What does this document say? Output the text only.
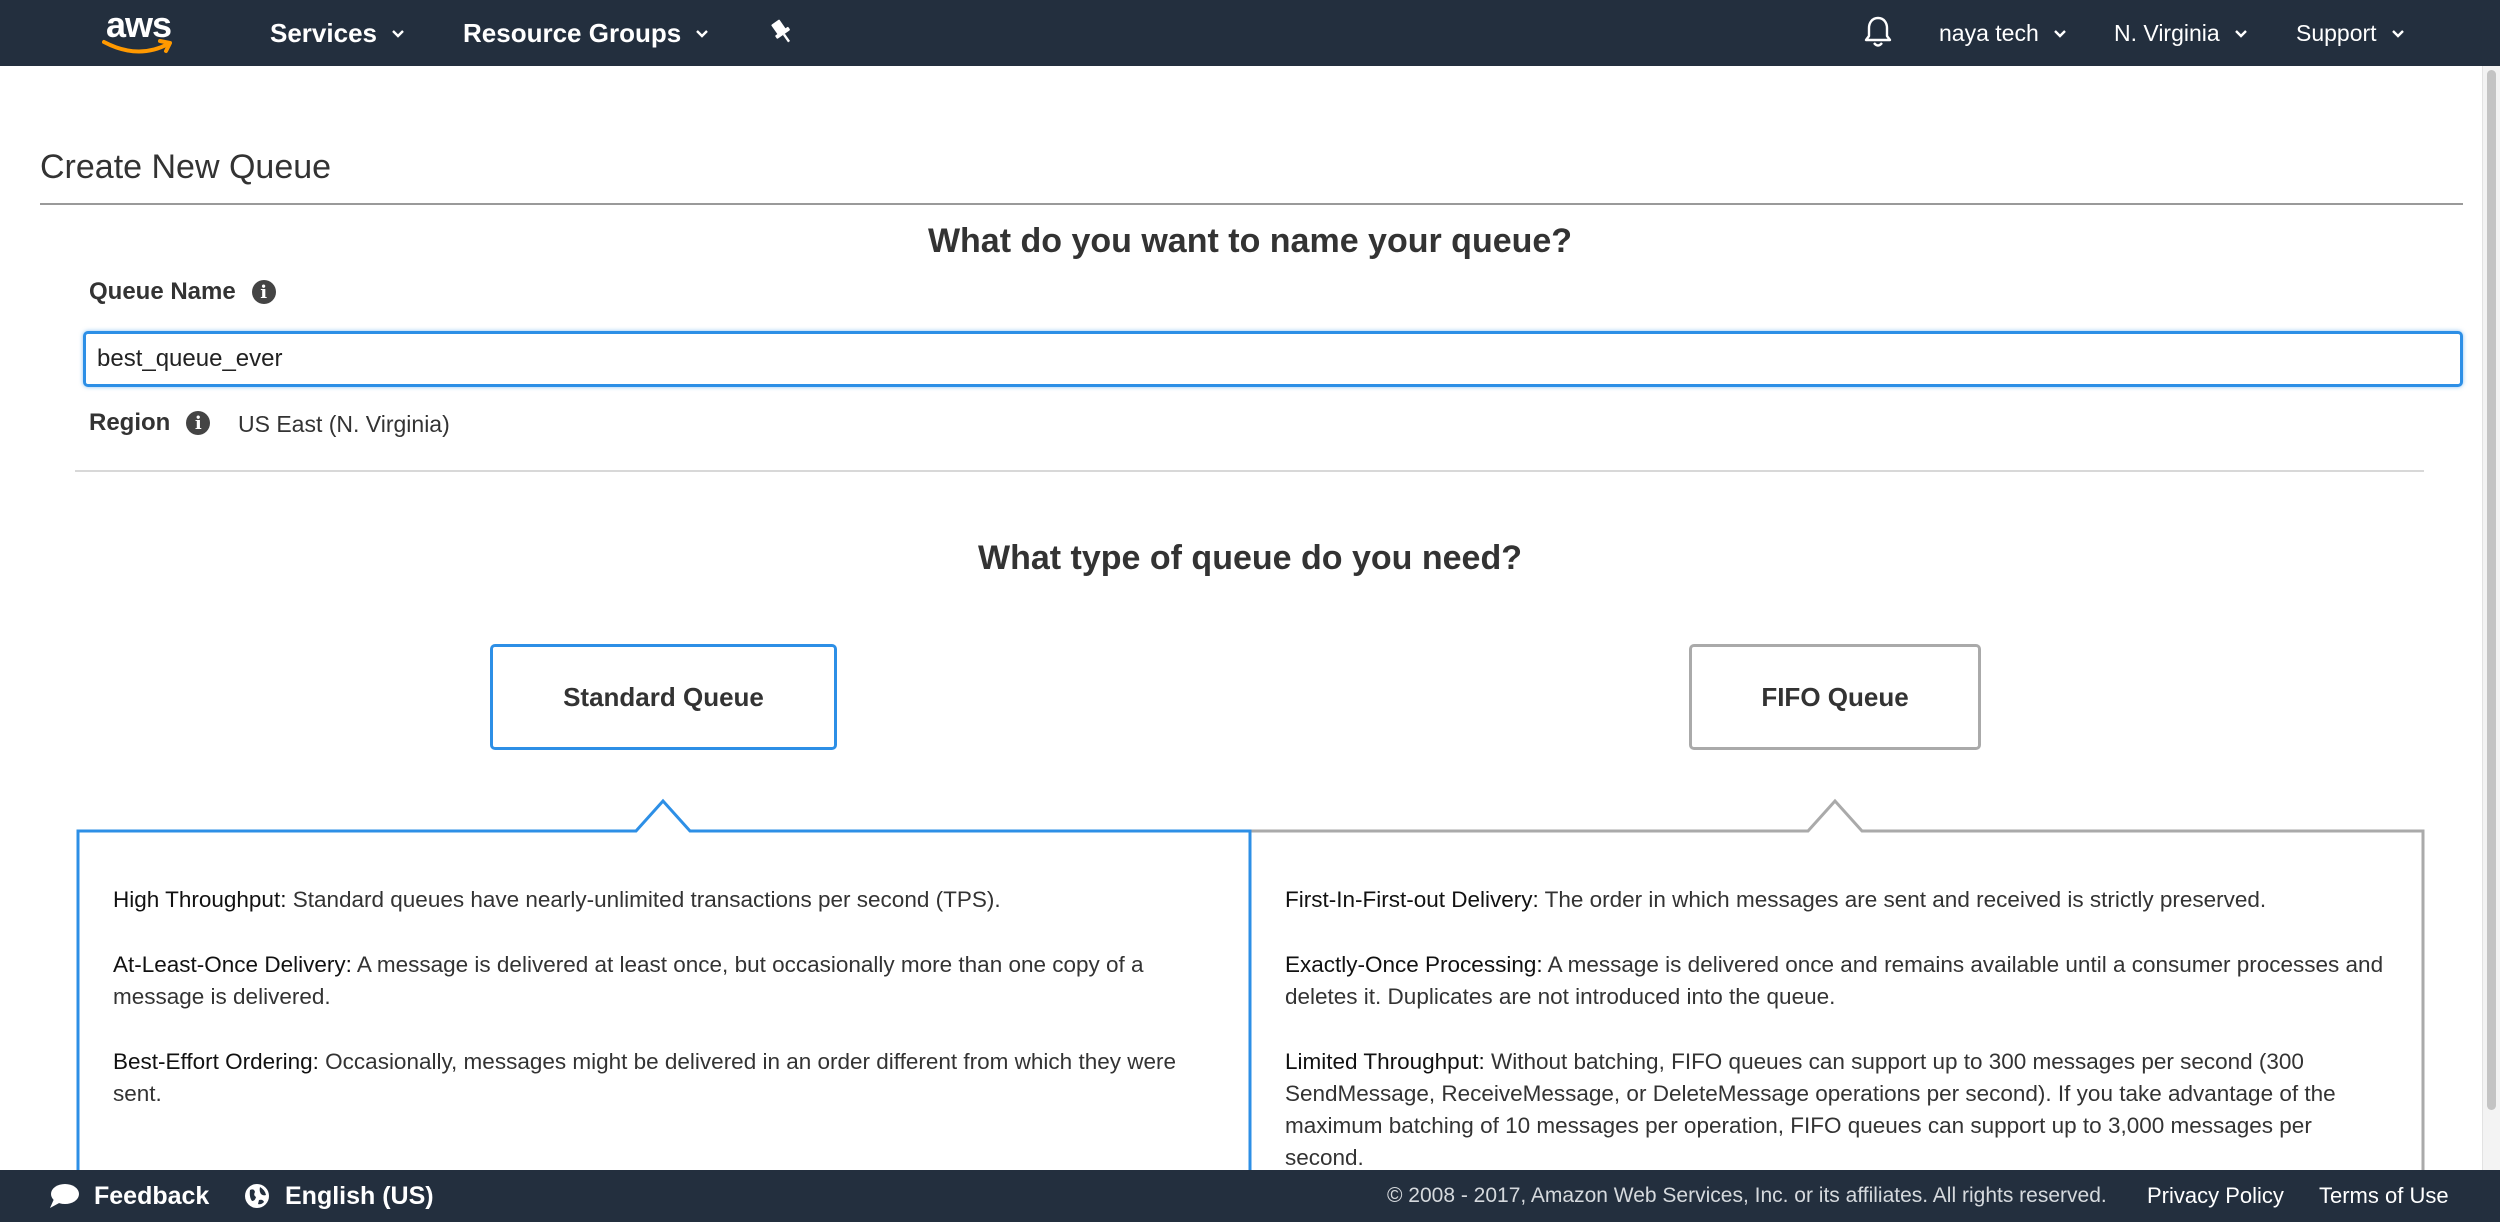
aws	Services	Resource Groups	naya tech	N. Virginia	Support
Create New Queue
What do you want to name your queue?
Queue Name	i
best_queue_ever
Region	i	US East (N. Virginia)
What type of queue do you need?
Standard Queue	FIFO Queue

High Throughput: Standard queues have nearly-unlimited transactions per second (TPS).

At-Least-Once Delivery: A message is delivered at least once, but occasionally more than one copy of a message is delivered.

Best-Effort Ordering: Occasionally, messages might be delivered in an order different from which they were sent.

First-In-First-out Delivery: The order in which messages are sent and received is strictly preserved.

Exactly-Once Processing: A message is delivered once and remains available until a consumer processes and deletes it. Duplicates are not introduced into the queue.

Limited Throughput: Without batching, FIFO queues can support up to 300 messages per second (300 SendMessage, ReceiveMessage, or DeleteMessage operations per second). If you take advantage of the maximum batching of 10 messages per operation, FIFO queues can support up to 3,000 messages per second.

Feedback	English (US)	© 2008 - 2017, Amazon Web Services, Inc. or its affiliates. All rights reserved. Privacy Policy Terms of Use
